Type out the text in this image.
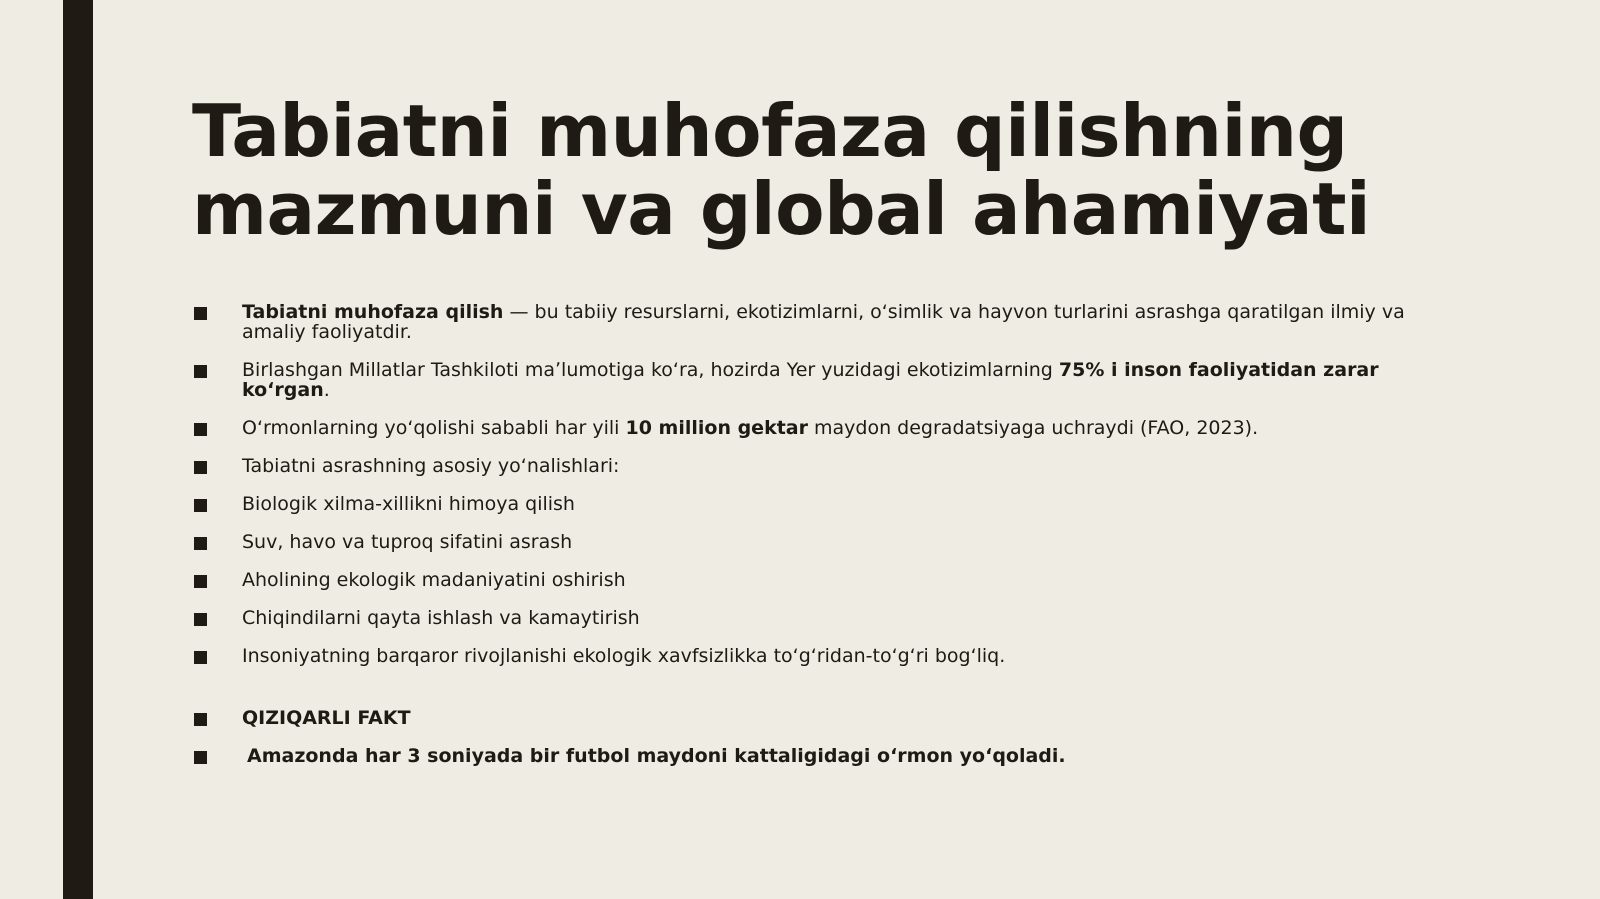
Tabiatni muhofaza qilishning mazmuni va global ahamiyati
Tabiatni muhofaza qilish — bu tabiiy resurslarni, ekotizimlarni, oʻsimlik va hayvon turlarini asrashga qaratilgan ilmiy va amaliy faoliyatdir.
Birlashgan Millatlar Tashkiloti maʼlumotiga koʻra, hozirda Yer yuzidagi ekotizimlarning 75% i inson faoliyatidan zarar koʻrgan.
Oʻrmonlarning yoʻqolishi sababli har yili 10 million gektar maydon degradatsiyaga uchraydi (FAO, 2023).
Tabiatni asrashning asosiy yoʻnalishlari:
Biologik xilma-xillikni himoya qilish
Suv, havo va tuproq sifatini asrash
Aholining ekologik madaniyatini oshirish
Chiqindilarni qayta ishlash va kamaytirish
Insoniyatning barqaror rivojlanishi ekologik xavfsizlikka toʻgʻridan-toʻgʻri bogʻliq.
QIZIQARLI FAKT
Amazonda har 3 soniyada bir futbol maydoni kattaligidagi oʻrmon yoʻqoladi.
